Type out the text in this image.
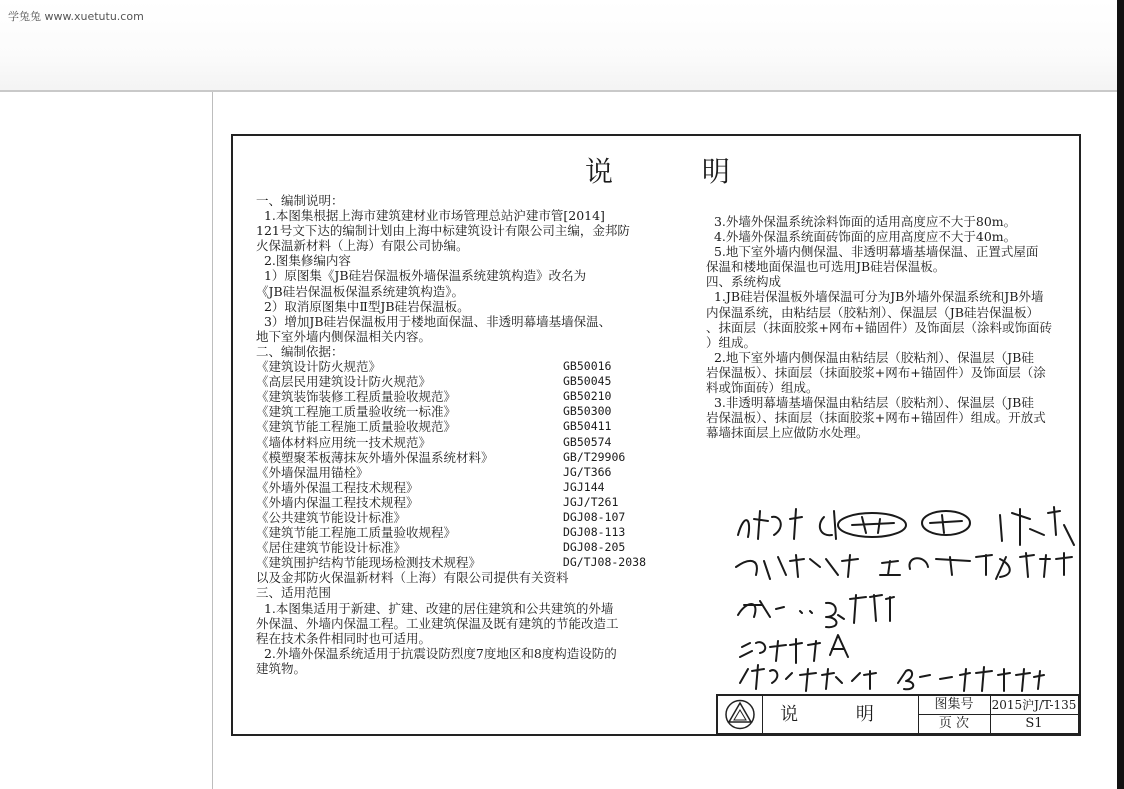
学兔兔 www.xuetutu.com
说 明
一、编制说明：
1.本图集根据上海市建筑建材业市场管理总站沪建市管[2014]
121号文下达的编制计划由上海中标建筑设计有限公司主编，金邦防
火保温新材料（上海）有限公司协编。
2.图集修编内容
1）原图集《JB硅岩保温板外墙保温系统建筑构造》改名为
《JB硅岩保温板保温系统建筑构造》。
2）取消原图集中Ⅱ型JB硅岩保温板。
3）增加JB硅岩保温板用于楼地面保温、非透明幕墙基墙保温、
地下室外墙内侧保温相关内容。
二、编制依据：
《建筑设计防火规范》	GB50016
《高层民用建筑设计防火规范》	GB50045
《建筑装饰装修工程质量验收规范》	GB50210
《建筑工程施工质量验收统一标准》	GB50300
《建筑节能工程施工质量验收规范》	GB50411
《墙体材料应用统一技术规范》	GB50574
《模塑聚苯板薄抹灰外墙外保温系统材料》	GB/T29906
《外墙保温用锚栓》	JG/T366
《外墙外保温工程技术规程》	JGJ144
《外墙内保温工程技术规程》	JGJ/T261
《公共建筑节能设计标准》	DGJ08-107
《建筑节能工程施工质量验收规程》	DGJ08-113
《居住建筑节能设计标准》	DGJ08-205
《建筑围护结构节能现场检测技术规程》	DG/TJ08-2038
以及金邦防火保温新材料（上海）有限公司提供有关资料
三、适用范围
1.本图集适用于新建、扩建、改建的居住建筑和公共建筑的外墙
外保温、外墙内保温工程。工业建筑保温及既有建筑的节能改造工
程在技术条件相同时也可适用。
2.外墙外保温系统适用于抗震设防烈度7度地区和8度构造设防的
建筑物。
3.外墙外保温系统涂料饰面的适用高度应不大于80m。
4.外墙外保温系统面砖饰面的应用高度应不大于40m。
5.地下室外墙内侧保温、非透明幕墙基墙保温、正置式屋面
保温和楼地面保温也可选用JB硅岩保温板。
四、系统构成
1.JB硅岩保温板外墙保温可分为JB外墙外保温系统和JB外墙
内保温系统，由粘结层（胶粘剂）、保温层（JB硅岩保温板）
、抹面层（抹面胶浆+网布+锚固件）及饰面层（涂料或饰面砖
）组成。
2.地下室外墙内侧保温由粘结层（胶粘剂）、保温层（JB硅
岩保温板）、抹面层（抹面胶浆+网布+锚固件）及饰面层（涂
料或饰面砖）组成。
3.非透明幕墙基墙保温由粘结层（胶粘剂）、保温层（JB硅
岩保温板）、抹面层（抹面胶浆+网布+锚固件）组成。开放式
幕墙抹面层上应做防水处理。
说 明	图集号	2015沪J/T-135
页 次	S1
